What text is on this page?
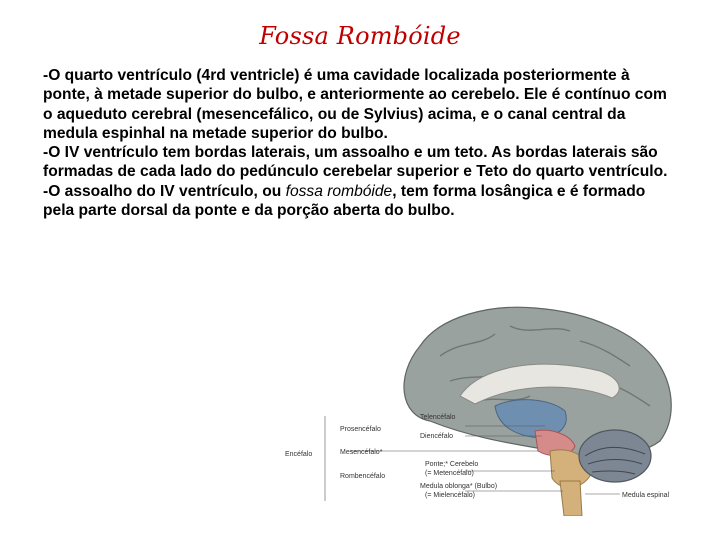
Fossa Rombóide

-O quarto ventrículo (4rd ventricle) é uma cavidade localizada posteriormente à ponte, à metade superior do bulbo, e anteriormente ao cerebelo. Ele é contínuo com o aqueduto cerebral (mesencefálico, ou de Sylvius) acima, e o canal central da medula espinhal na metade superior do bulbo.

-O IV ventrículo tem bordas laterais, um assoalho e um teto. As bordas laterais são formadas de cada lado do pedúnculo cerebelar superior e Teto do quarto ventrículo.

-O assoalho do IV ventrículo, ou fossa rombóide, tem forma losângica e é formado pela parte dorsal da ponte e da porção aberta do bulbo.

Telencéfalo
Diencéfalo
Prosencéfalo
Mesencéfalo*
Encéfalo
Ponte;* Cerebelo
(= Metencéfalo)
Rombencéfalo
Medula oblonga* (Bulbo)
(= Mielencéfalo)	Medula espinal
